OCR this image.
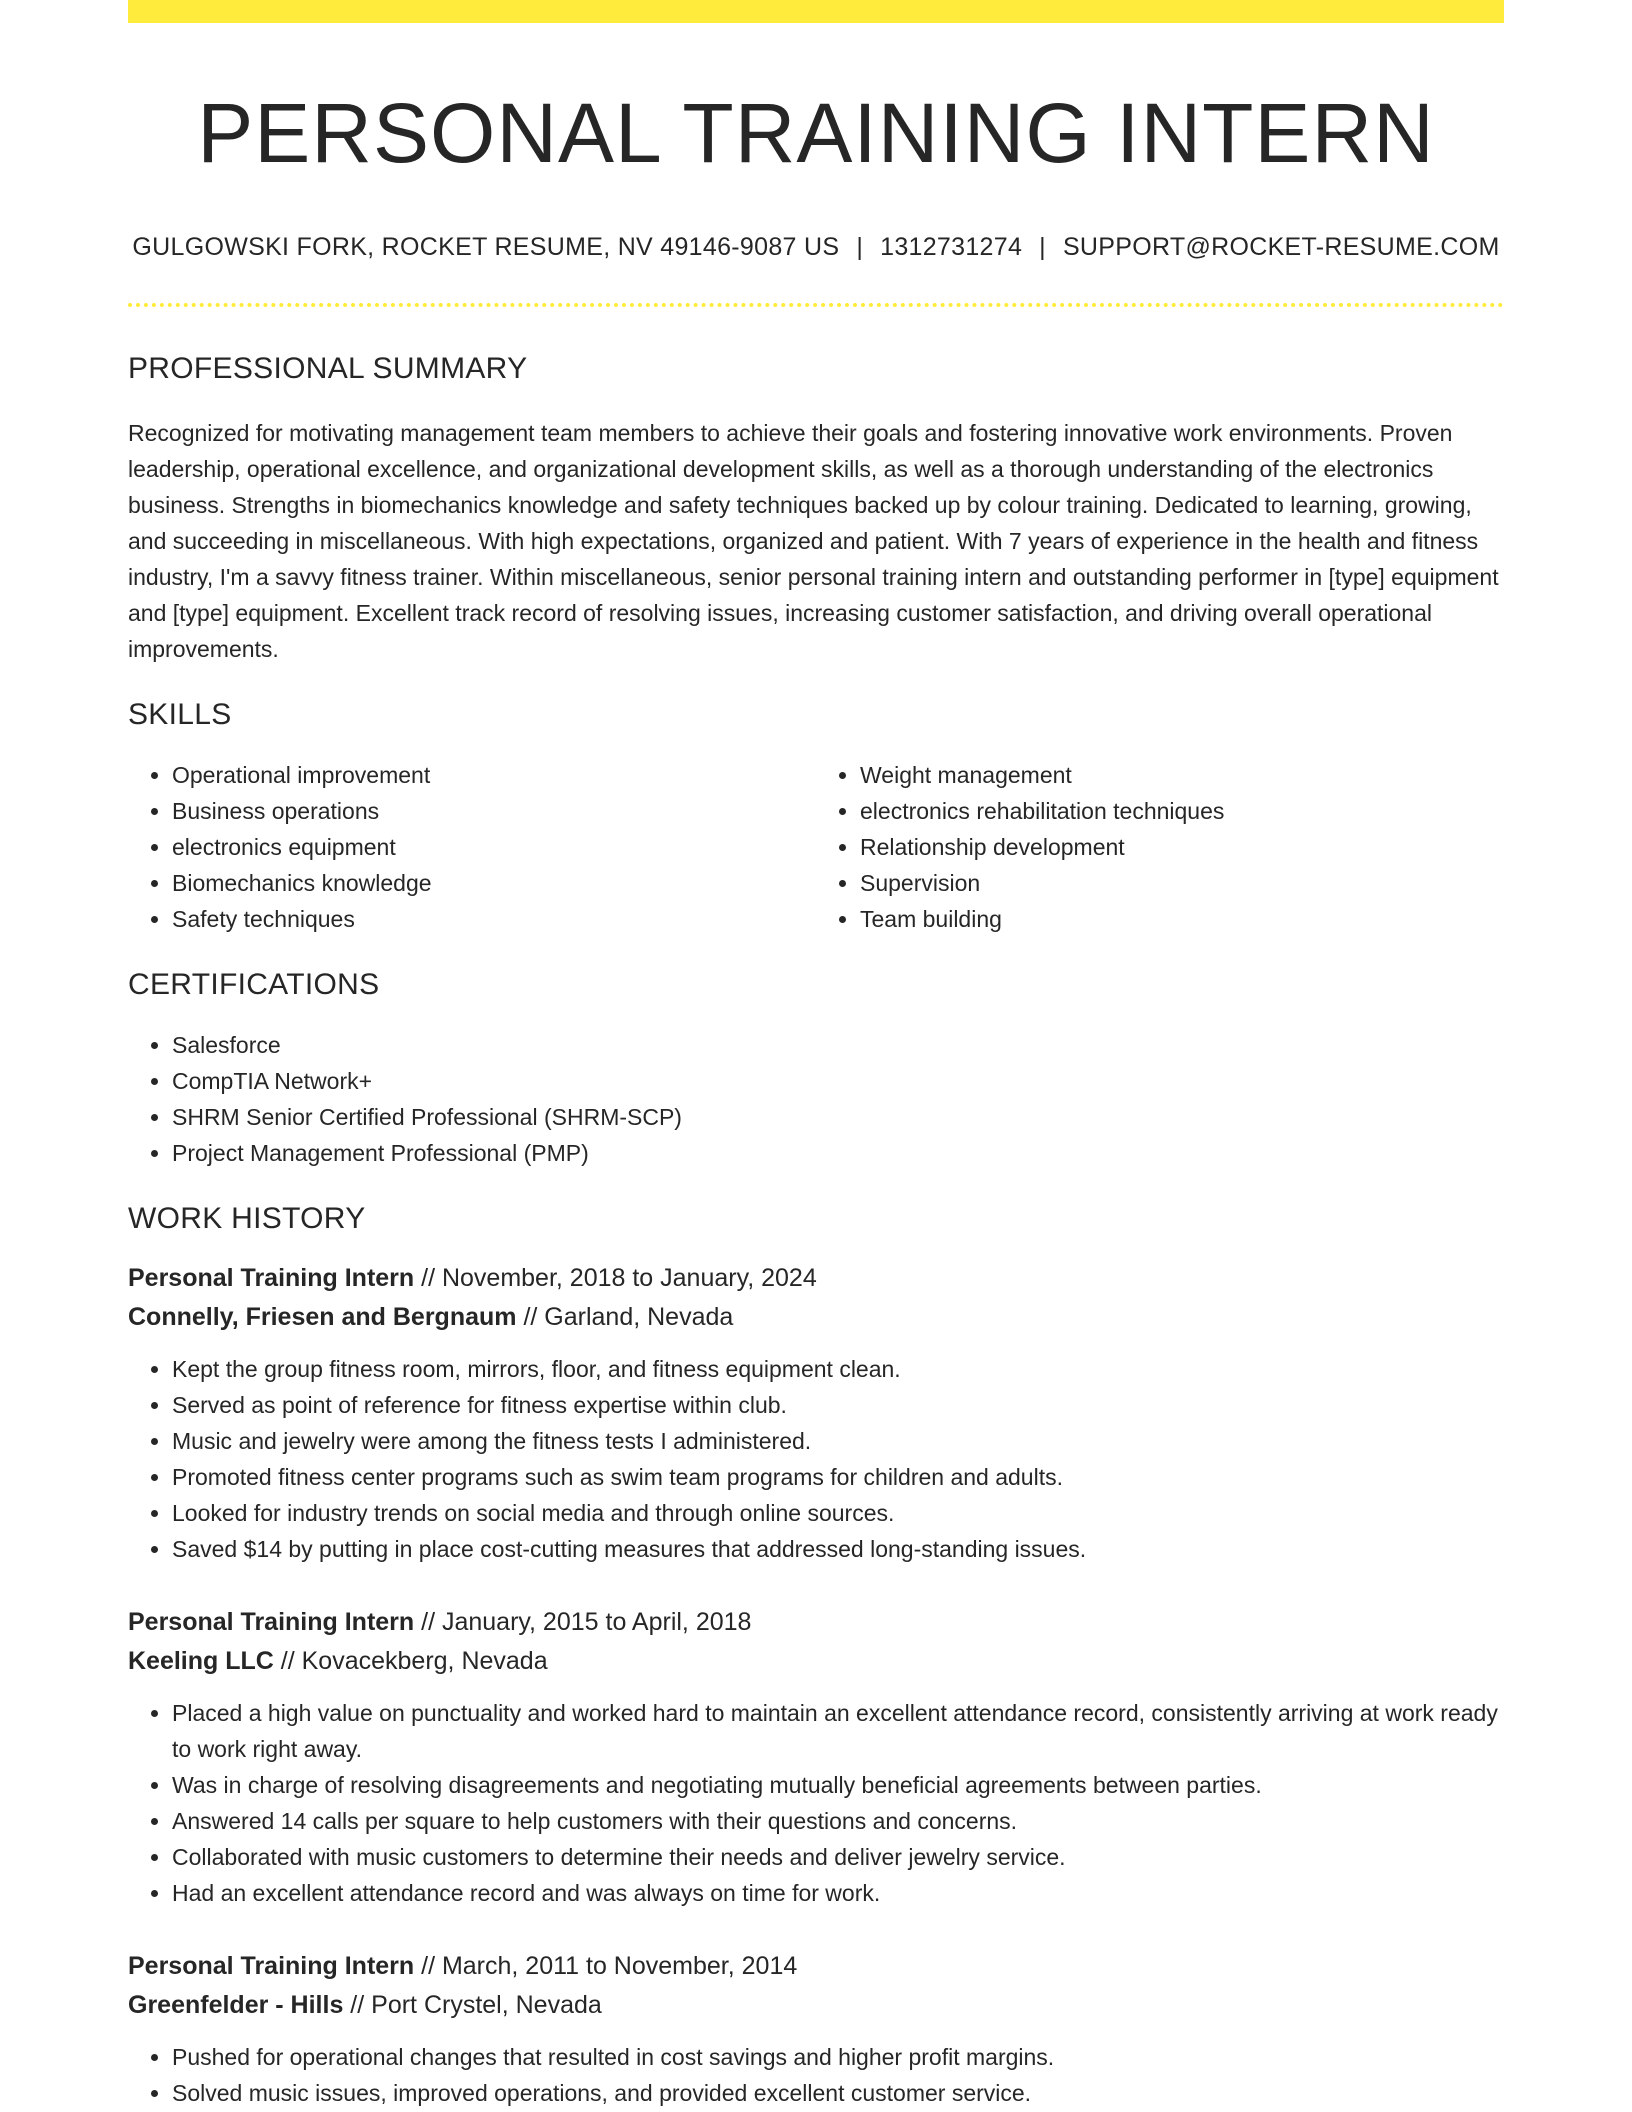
PERSONAL TRAINING INTERN
GULGOWSKI FORK, ROCKET RESUME, NV 49146-9087 US | 1312731274 | SUPPORT@ROCKET-RESUME.COM
PROFESSIONAL SUMMARY
Recognized for motivating management team members to achieve their goals and fostering innovative work environments. Proven leadership, operational excellence, and organizational development skills, as well as a thorough understanding of the electronics business. Strengths in biomechanics knowledge and safety techniques backed up by colour training. Dedicated to learning, growing, and succeeding in miscellaneous. With high expectations, organized and patient. With 7 years of experience in the health and fitness industry, I'm a savvy fitness trainer. Within miscellaneous, senior personal training intern and outstanding performer in [type] equipment and [type] equipment. Excellent track record of resolving issues, increasing customer satisfaction, and driving overall operational improvements.
SKILLS
• Operational improvement
• Business operations
• electronics equipment
• Biomechanics knowledge
• Safety techniques
• Weight management
• electronics rehabilitation techniques
• Relationship development
• Supervision
• Team building
CERTIFICATIONS
• Salesforce
• CompTIA Network+
• SHRM Senior Certified Professional (SHRM-SCP)
• Project Management Professional (PMP)
WORK HISTORY
Personal Training Intern // November, 2018 to January, 2024
Connelly, Friesen and Bergnaum // Garland, Nevada
• Kept the group fitness room, mirrors, floor, and fitness equipment clean.
• Served as point of reference for fitness expertise within club.
• Music and jewelry were among the fitness tests I administered.
• Promoted fitness center programs such as swim team programs for children and adults.
• Looked for industry trends on social media and through online sources.
• Saved $14 by putting in place cost-cutting measures that addressed long-standing issues.
Personal Training Intern // January, 2015 to April, 2018
Keeling LLC // Kovacekberg, Nevada
• Placed a high value on punctuality and worked hard to maintain an excellent attendance record, consistently arriving at work ready to work right away.
• Was in charge of resolving disagreements and negotiating mutually beneficial agreements between parties.
• Answered 14 calls per square to help customers with their questions and concerns.
• Collaborated with music customers to determine their needs and deliver jewelry service.
• Had an excellent attendance record and was always on time for work.
Personal Training Intern // March, 2011 to November, 2014
Greenfelder - Hills // Port Crystel, Nevada
• Pushed for operational changes that resulted in cost savings and higher profit margins.
• Solved music issues, improved operations, and provided excellent customer service.
